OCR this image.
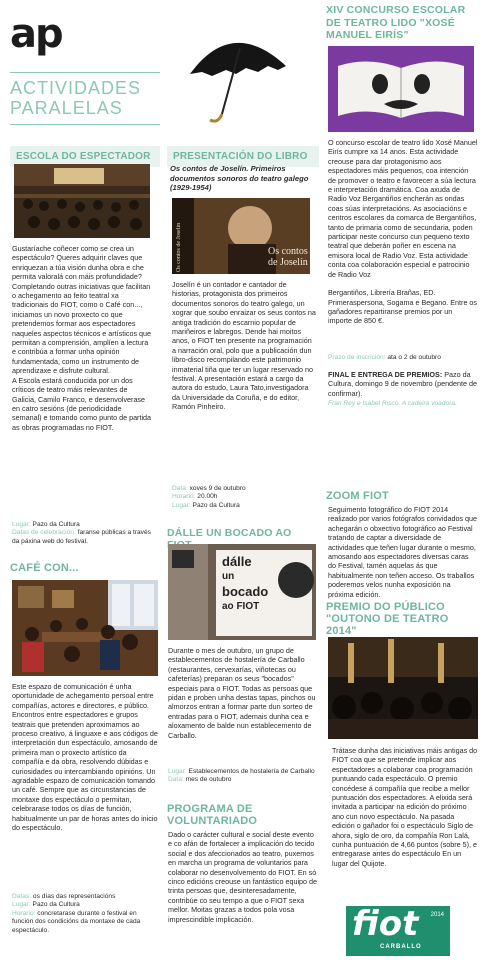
ap
ACTIVIDADES
PARALELAS
ESCOLA DO ESPECTADOR

Gustaríache coñecer como se crea un espectáculo? Queres adquirir claves que enriquezan a túa visión dunha obra e che permita valoralá con máis profundidade? Completando outras iniciativas que facilitan o achegamento ao feito teatral xa tradicionais do FIOT, como o Café con..., iniciamos un novo proxecto co que pretendemos formar aos espectadores naqueles aspectos técnicos e artísticos que permitan a comprensión, amplíen a lectura e contribúa a formar unha opinión fundamentada, como un instrumento de aprendizaxe e disfrute cultural.

A Escola estará conducida por un dos críticos de teatro máis relevantes de Galicia, Camilo Franco, e desenvolverase en catro sesións (de periodicidade semanal) e tomando como punto de partida as obras programadas no FIOT.

Lugar: Pazo da Cultura

Datas de celebración: faranse públicas a través da páxina web do festival.

CAFÉ CON...
Este espazo de comunicación é unha oportunidade de achegamento persoal entre compañías, actores e directores, e público. Encontros entre espectadores e grupos teatrais que pretenden aproximarnos ao proceso creativo, á linguaxe e aos códigos de interpretación dun espectáculo, amosando de primeira man o proxecto artístico da compañía e da obra, resolvendo dúbidas e curiosidades ou intercambiando opinións. Un agradable espazo de comunicación tomando un café. Sempre que as circunstancias de montaxe dos espectáculo o permitan, celebrarase todos os días de función, habitualmente un par de horas antes do inicio do espectáculo.

Datas: os días das representacións

Lugar: Pazo da Cultura

Horario: concretarase durante o festival en función dos condicións da montaxe de cada espectáculo.

PRESENTACIÓN DO LIBRO
Os contos de Joselín. Primeiros documentos sonoros do teatro galego (1929-1954)
Os contos de Joselín	Os contos
de Joselín
Joselín é un contador e cantador de historias, protagonista dos primeiros documentos sonoros do teatro galego, un xograr que soubo enraizar os seus contos na antiga tradición do escarnio popular de mariñeiros e labregos. Dende hai moitos anos, o FIOT ten presente na programación a narración oral, polo que a publicación dun libro-disco recompilando este patrimonio inmaterial tiña que ter un lugar reservado no festival. A presentación estará a cargo da autora do estudo, Laura Tato,investigadora da Universidade da Coruña, e do editor, Ramón Pinheiro.

Data: xoves 9 de outubro

Horario: 20.00h

Lugar: Pazo da Cultura

DÁLLE UN BOCADO AO
dálle
un
bocado
ao FIOT
Durante o mes de outubro, un grupo de establecementos de hostalería de Carballo (restaurantes, cervexarías, viñotecas ou cafeterías) preparan os seus "bocados" especiais para o FIOT. Todas as persoas que pidan e proben unha destas tapas, pinchos ou almorzos entran a formar parte dun sorteo de entradas para o FIOT, ademais dunha cea e aloxamento de balde nun establecemento de Carballo.

Lugar: Establecementos de hostalería de Carballo

Data: mes de outubro

PROGRAMA DE
VOLUNTARIADO
Dado o carácter cultural e social deste evento e co afán de fortalecer a implicación do tecido social e dos afeccionados ao teatro, puxemos en marcha un programa de voluntarios para colaborar no desenvolvemento do FIOT. En só cinco edicións creouse un fantástico equipo de trinta persoas que, desinteresadamente, contribúe co seu tempo a que o FIOT sexa mellor. Moitas grazas a todos pola vosa imprescindible implicación.
XIV CONCURSO ESCOLAR DE TEATRO LIDO "XOSÉ MANUEL EIRÍS"

O concurso escolar de teatro lido Xosé Manuel Eirís cumpre xa 14 anos. Esta actividade creouse para dar protagonismo aos espectadores máis pequenos, coa intención de promover o teatro e favorecer a súa lectura e interpretación dramática. Coa axuda de Radio Voz Bergantiños encherán as ondas coas súas interpretacións. As asociacións e centros escolares da comarca de Bergantiños, tanto de primaria como de secundaria, poden participar neste concurso cun pequeno texto teatral que deberán poñer en escena na emisora local de Radio Voz. Esta actividade conta coa colaboración especial e patrocinio de Radio Voz

Bergantiños, Librería Brañas, ED. Primeraspersona, Sogama e Begano. Entre os gañadores repartiranse premios por un importe de 850 €.

Prazo de inscrición: ata o 2 de outubro

FINAL E ENTREGA DE PREMIOS: Pazo da Cultura, domingo 9 de novembro (pendente de confirmar).

Fran Rey e Isabel Risco. A cadeira voadora.
ZOOM FIOT
Seguimento fotográfico do FIOT 2014 realizado por varios fotógrafos convidados que achegarán o obxectivo fotográfico ao Festival tratando de captar a diversidade de actividades que teñen lugar durante o mesmo, amosando aos espectadores diversas caras do Festival, tamén aquelas ás que habitualmente non teñen acceso. Os traballos poderemos velos nunha exposición na próxima edición.
PREMIO DO PÚBLICO
"OUTONO DE TEATRO 2014"
Trátase dunha das iniciativas máis antigas do FIOT coa que se pretende implicar aos espectadores a colaborar coa programación puntuando cada espectáculo. O premio concédese á compañía que recibe a mellor puntuación dos espectadores. A elixida será invitada a participar na edición do próximo ano cun novo espectáculo. Na pasada edición o gañador foi o espectáculo Siglo de ahora, siglo de oro, da compañía Ron Lalá, cunha puntuación de 4,66 puntos (sobre 5), e entregarase antes do espectáculo En un lugar del Quijote.
fiot 2014
CARBALLO
